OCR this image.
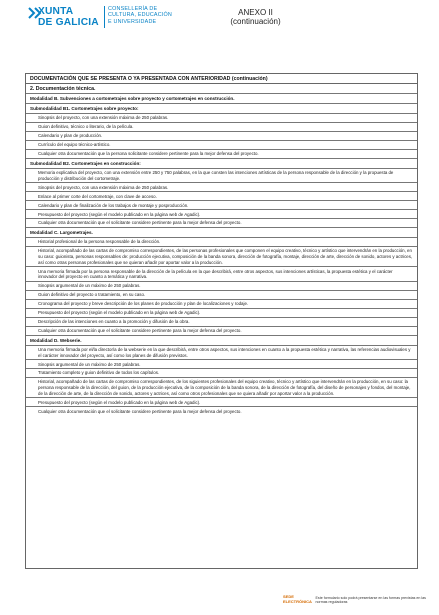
XUNTA
DE GALICIA
CONSELLERÍA DE
CULTURA, EDUCACIÓN
E UNIVERSIDADE
ANEXO II
(continuación)
DOCUMENTACIÓN QUE SE PRESENTA O YA PRESENTADA CON ANTERIORIDAD (continuación)
2. Documentación técnica.
Modalidad B. Subvenciones a cortometrajes sobre proyecto y cortometrajes en construcción.
Submodalidad B1. Cortometrajes sobre proyecto:
Sinopsis del proyecto, con una extensión máxima de 250 palabras.
Guion definitivo, técnico o literario, de la película.
Calendario y plan de producción.
Currículo del equipo técnico-artístico.
Cualquier otra documentación que la persona solicitante considere pertinente para la mejor defensa del proyecto.
Submodalidad B2. Cortometrajes en construcción:
Memoria explicativa del proyecto, con una extensión entre 250 y 750 palabras, en la que consten las intenciones artísticas de la persona responsable de la dirección y la propuesta de producción y distribución del cortometraje.
Sinopsis del proyecto, con una extensión máxima de 250 palabras.
Enlace al primer corte del cortometraje, con clave de acceso.
Calendario y plan de finalización de los trabajos de montaje y posproducción.
Presupuesto del proyecto (según el modelo publicado en la página web de Agadic).
Cualquier otra documentación que el solicitante considere pertinente para la mejor defensa del proyecto.
Modalidad C. Largometrajes.
Historial profesional de la persona responsable de la dirección.
Historial, acompañado de las cartas de compromiso correspondientes, de las personas profesionales que componen el equipo creativo, técnico y artístico que intervendrán en la producción, en su caso: guionista, personas responsables de: producción ejecutiva, composición de la banda sonora, dirección de fotografía, montaje, dirección de arte, dirección de sonido, actores y actrices, así como otras personas profesionales que se quieran añadir por aportar valor a la producción.
Una memoria firmada por la persona responsable de la dirección de la película en la que describirá, entre otros aspectos, sus intenciones artísticas, la propuesta estética y el carácter innovador del proyecto en cuanto a temática y narrativa.
Sinopsis argumental de un máximo de 250 palabras.
Guion definitivo del proyecto o tratamiento, en su caso.
Cronograma del proyecto y breve descripción de los planes de producción y plan de localizaciones y rodaje.
Presupuesto del proyecto (según el modelo publicado en la página web de Agadic).
Descripción de las intenciones en cuanto a la promoción y difusión de la obra.
Cualquier otra documentación que el solicitante considere pertinente para la mejor defensa del proyecto.
Modalidad D. Webserie.
Una memoria firmada por el/la director/a de la webserie en la que describirá, entre otros aspectos, sus intenciones en cuanto a la propuesta estética y narrativa, las referencias audiovisuales y el carácter innovador del proyecto, así como los planes de difusión previstos.
Sinopsis argumental de un máximo de 250 palabras.
Tratamiento completo y guion definitivo de todos los capítulos.
Historial, acompañado de las cartas de compromiso correspondientes, de los siguientes profesionales del equipo creativo, técnico y artístico que intervendrán en la producción, en su caso: la persona responsable de la dirección, del guion, de la producción ejecutiva, de la composición de la banda sonora, de la dirección de fotografía, del diseño de personajes y fondos, del montaje, de la dirección de arte, de la dirección de sonido, actores y actrices, así como otros profesionales que se quiera añadir por aportar valor a la producción.
Presupuesto del proyecto (según el modelo publicado en la página web de Agadic).
Cualquier otra documentación que el solicitante considere pertinente para la mejor defensa del proyecto.
SEDE ELECTRÓNICA
Este formulario solo podrá presentarse en las formas previstas en las normas reguladoras
